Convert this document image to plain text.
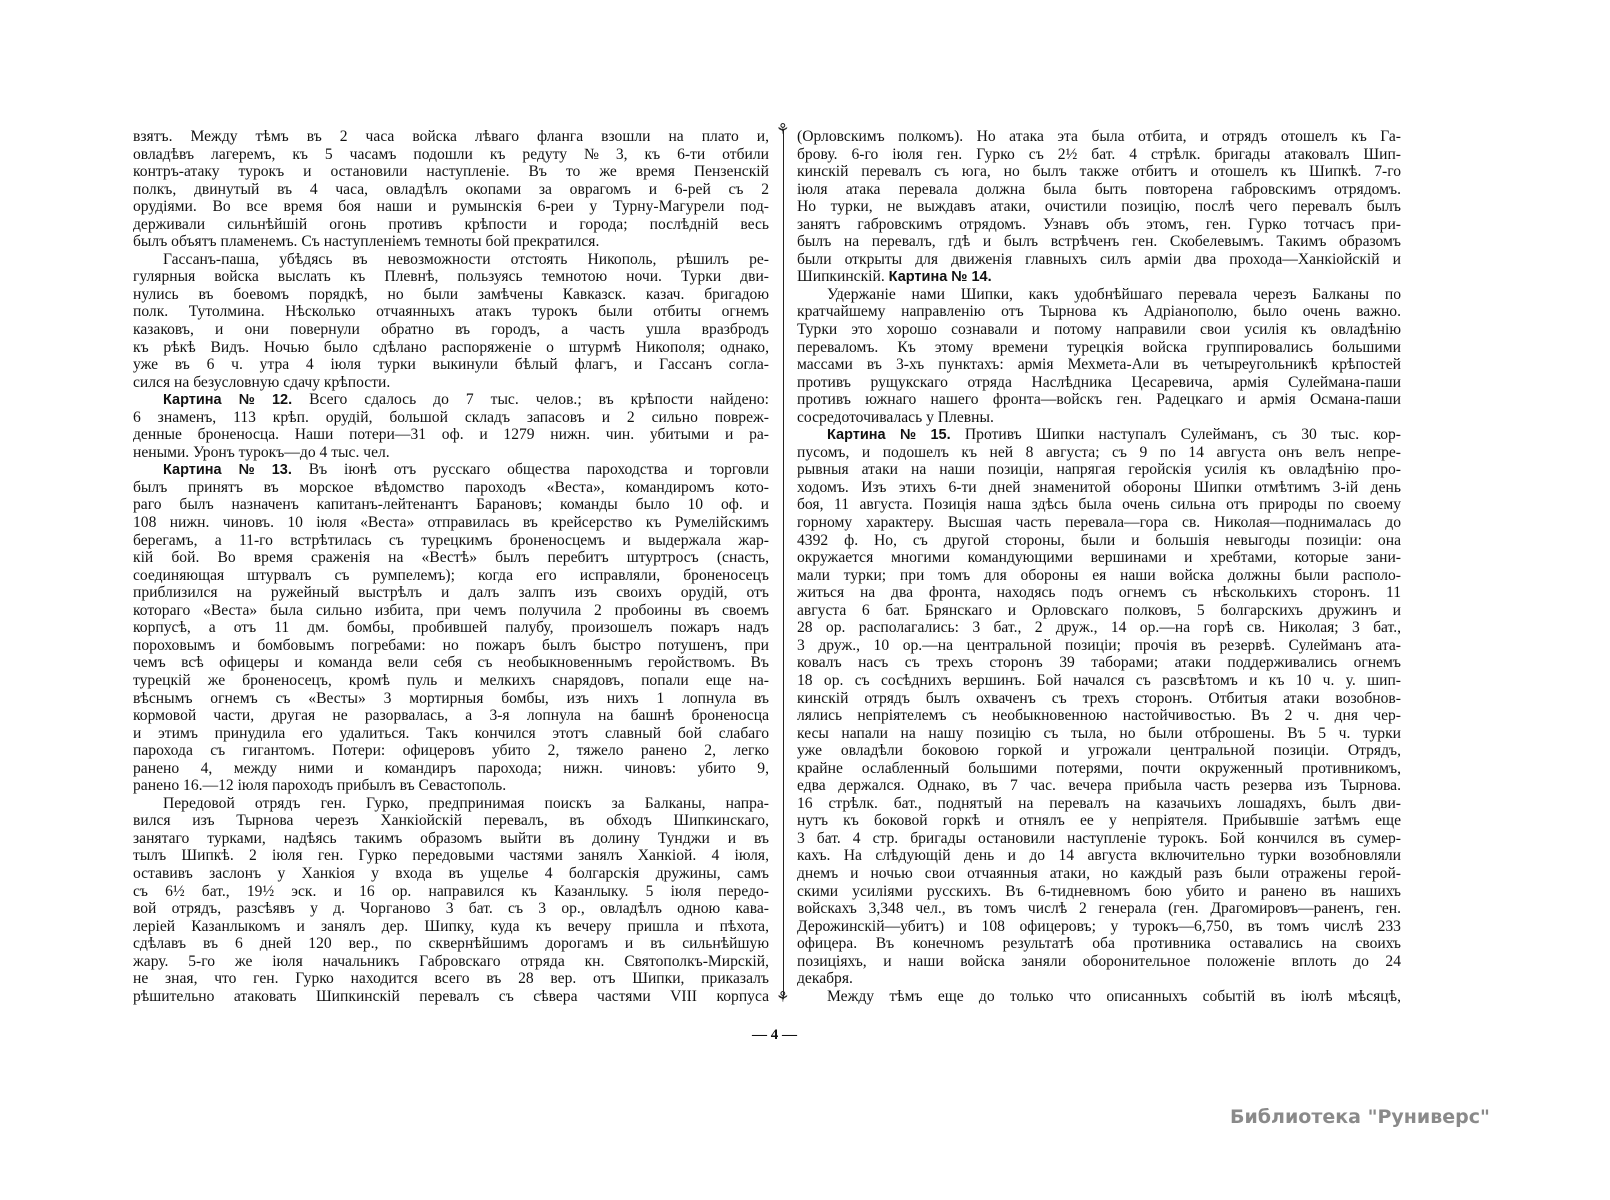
взятъ. Между тѣмъ въ 2 часа войска лѣваго фланга взошли на плато и,
овладѣвъ лагеремъ, къ 5 часамъ подошли къ редуту № 3, къ 6-ти отбили
контръ-атаку турокъ и остановили наступленіе. Въ то же время Пензенскій
полкъ, двинутый въ 4 часа, овладѣлъ окопами за оврагомъ и 6-рей съ 2
орудіями. Во все время боя наши и румынскія 6-реи у Турну-Магурели под-
держивали сильнѣйшій огонь противъ крѣпости и города; послѣдній весь
былъ объятъ пламенемъ. Съ наступленіемъ темноты бой прекратился.
Гассанъ-паша, убѣдясь въ невозможности отстоять Никополь, рѣшилъ ре-
гулярныя войска выслать къ Плевнѣ, пользуясь темнотою ночи. Турки дви-
нулись въ боевомъ порядкѣ, но были замѣчены Кавказск. казач. бригадою
полк. Тутолмина. Нѣсколько отчаянныхъ атакъ турокъ были отбиты огнемъ
казаковъ, и они повернули обратно въ городъ, а часть ушла вразбродъ
къ рѣкѣ Видъ. Ночью было сдѣлано распоряженіе о штурмѣ Никополя; однако,
уже въ 6 ч. утра 4 іюля турки выкинули бѣлый флагъ, и Гассанъ согла-
сился на безусловную сдачу крѣпости.
Картина № 12. Всего сдалось до 7 тыс. челов.; въ крѣпости найдено:
6 знаменъ, 113 крѣп. орудій, большой складъ запасовъ и 2 сильно повреж-
денные броненосца. Наши потери—31 оф. и 1279 нижн. чин. убитыми и ра-
неными. Уронъ турокъ—до 4 тыс. чел.
Картина № 13. Въ іюнѣ отъ русскаго общества пароходства и торговли
былъ принятъ въ морское вѣдомство пароходъ «Веста», командиромъ кото-
раго былъ назначенъ капитанъ-лейтенантъ Барановъ; команды было 10 оф. и
108 нижн. чиновъ. 10 іюля «Веста» отправилась въ крейсерство къ Румелійскимъ
берегамъ, а 11-го встрѣтилась съ турецкимъ броненосцемъ и выдержала жар-
кій бой. Во время сраженія на «Вестѣ» былъ перебитъ штуртросъ (снасть,
соединяющая штурвалъ съ румпелемъ); когда его исправляли, броненосецъ
приблизился на ружейный выстрѣлъ и далъ залпъ изъ своихъ орудій, отъ
котораго «Веста» была сильно избита, при чемъ получила 2 пробоины въ своемъ
корпусѣ, а отъ 11 дм. бомбы, пробившей палубу, произошелъ пожаръ надъ
пороховымъ и бомбовымъ погребами: но пожаръ былъ быстро потушенъ, при
чемъ всѣ офицеры и команда вели себя съ необыкновеннымъ геройствомъ. Въ
турецкій же броненосецъ, кромѣ пуль и мелкихъ снарядовъ, попали еще на-
вѣснымъ огнемъ съ «Весты» 3 мортирныя бомбы, изъ нихъ 1 лопнула въ
кормовой части, другая не разорвалась, а 3-я лопнула на башнѣ броненосца
и этимъ принудила его удалиться. Такъ кончился этотъ славный бой слабаго
парохода съ гигантомъ. Потери: офицеровъ убито 2, тяжело ранено 2, легко
ранено 4, между ними и командиръ парохода; нижн. чиновъ: убито 9,
ранено 16.—12 іюля пароходъ прибылъ въ Севастополь.
Передовой отрядъ ген. Гурко, предпринимая поискъ за Балканы, напра-
вился изъ Тырнова черезъ Ханкіойскій перевалъ, въ обходъ Шипкинскаго,
занятаго турками, надѣясь такимъ образомъ выйти въ долину Тунджи и въ
тылъ Шипкѣ. 2 іюля ген. Гурко передовыми частями занялъ Ханкіой. 4 іюля,
оставивъ заслонъ у Ханкіоя у входа въ ущелье 4 болгарскія дружины, самъ
съ 6½ бат., 19½ эск. и 16 ор. направился къ Казанлыку. 5 іюля передо-
вой отрядъ, разсѣявъ у д. Чорганово 3 бат. съ 3 ор., овладѣлъ одною кава-
леріей Казанлыкомъ и занялъ дер. Шипку, куда къ вечеру пришла и пѣхота,
сдѣлавъ въ 6 дней 120 вер., по сквернѣйшимъ дорогамъ и въ сильнѣйшую
жару. 5-го же іюля начальникъ Габровскаго отряда кн. Святополкъ-Мирскій,
не зная, что ген. Гурко находится всего въ 28 вер. отъ Шипки, приказалъ
рѣшительно атаковать Шипкинскій перевалъ съ сѣвера частями VIII корпуса
⚘
⚘
(Орловскимъ полкомъ). Но атака эта была отбита, и отрядъ отошелъ къ Га-
брову. 6-го іюля ген. Гурко съ 2½ бат. 4 стрѣлк. бригады атаковалъ Шип-
кинскій перевалъ съ юга, но былъ также отбитъ и отошелъ къ Шипкѣ. 7-го
іюля атака перевала должна была быть повторена габровскимъ отрядомъ.
Но турки, не выждавъ атаки, очистили позицію, послѣ чего перевалъ былъ
занятъ габровскимъ отрядомъ. Узнавъ объ этомъ, ген. Гурко тотчасъ при-
былъ на перевалъ, гдѣ и былъ встрѣченъ ген. Скобелевымъ. Такимъ образомъ
были открыты для движенія главныхъ силъ арміи два прохода—Ханкіойскій и
Шипкинскій. Картина № 14.
Удержаніе нами Шипки, какъ удобнѣйшаго перевала черезъ Балканы по
кратчайшему направленію отъ Тырнова къ Адріанополю, было очень важно.
Турки это хорошо сознавали и потому направили свои усилія къ овладѣнію
переваломъ. Къ этому времени турецкія войска группировались большими
массами въ 3-хъ пунктахъ: армія Мехмета-Али въ четыреугольникѣ крѣпостей
противъ рущукскаго отряда Наслѣдника Цесаревича, армія Сулеймана-паши
противъ южнаго нашего фронта—войскъ ген. Радецкаго и армія Османа-паши
сосредоточивалась у Плевны.
Картина № 15. Противъ Шипки наступалъ Сулейманъ, съ 30 тыс. кор-
пусомъ, и подошелъ къ ней 8 августа; съ 9 по 14 августа онъ велъ непре-
рывныя атаки на наши позиціи, напрягая геройскія усилія къ овладѣнію про-
ходомъ. Изъ этихъ 6-ти дней знаменитой обороны Шипки отмѣтимъ 3-ій день
боя, 11 августа. Позиція наша здѣсь была очень сильна отъ природы по своему
горному характеру. Высшая часть перевала—гора св. Николая—поднималась до
4392 ф. Но, съ другой стороны, были и большія невыгоды позиціи: она
окружается многими командующими вершинами и хребтами, которые зани-
мали турки; при томъ для обороны ея наши войска должны были располо-
житься на два фронта, находясь подъ огнемъ съ нѣсколькихъ сторонъ. 11
августа 6 бат. Брянскаго и Орловскаго полковъ, 5 болгарскихъ дружинъ и
28 ор. располагались: 3 бат., 2 друж., 14 ор.—на горѣ св. Николая; 3 бат.,
3 друж., 10 ор.—на центральной позиціи; прочія въ резервѣ. Сулейманъ ата-
ковалъ насъ съ трехъ сторонъ 39 таборами; атаки поддерживались огнемъ
18 ор. съ сосѣднихъ вершинъ. Бой начался съ разсвѣтомъ и къ 10 ч. у. шип-
кинскій отрядъ былъ охваченъ съ трехъ сторонъ. Отбитыя атаки возобнов-
лялись непріятелемъ съ необыкновенною настойчивостью. Въ 2 ч. дня чер-
кесы напали на нашу позицію съ тыла, но были отброшены. Въ 5 ч. турки
уже овладѣли боковою горкой и угрожали центральной позиціи. Отрядъ,
крайне ослабленный большими потерями, почти окруженный противникомъ,
едва держался. Однако, въ 7 час. вечера прибыла часть резерва изъ Тырнова.
16 стрѣлк. бат., поднятый на перевалъ на казачьихъ лошадяхъ, былъ дви-
нутъ къ боковой горкѣ и отнялъ ее у непріятеля. Прибывшіе затѣмъ еще
3 бат. 4 стр. бригады остановили наступленіе турокъ. Бой кончился въ сумер-
кахъ. На слѣдующій день и до 14 августа включительно турки возобновляли
днемъ и ночью свои отчаянныя атаки, но каждый разъ были отражены герой-
скими усиліями русскихъ. Въ 6-тидневномъ бою убито и ранено въ нашихъ
войскахъ 3,348 чел., въ томъ числѣ 2 генерала (ген. Драгомировъ—раненъ, ген.
Дерожинскій—убитъ) и 108 офицеровъ; у турокъ—6,750, въ томъ числѣ 233
офицера. Въ конечномъ результатѣ оба противника оставались на своихъ
позиціяхъ, и наши войска заняли оборонительное положеніе вплоть до 24
декабря.
Между тѣмъ еще до только что описанныхъ событій въ іюлѣ мѣсяцѣ,
— 4 —
Библиотека "Руниверс"
